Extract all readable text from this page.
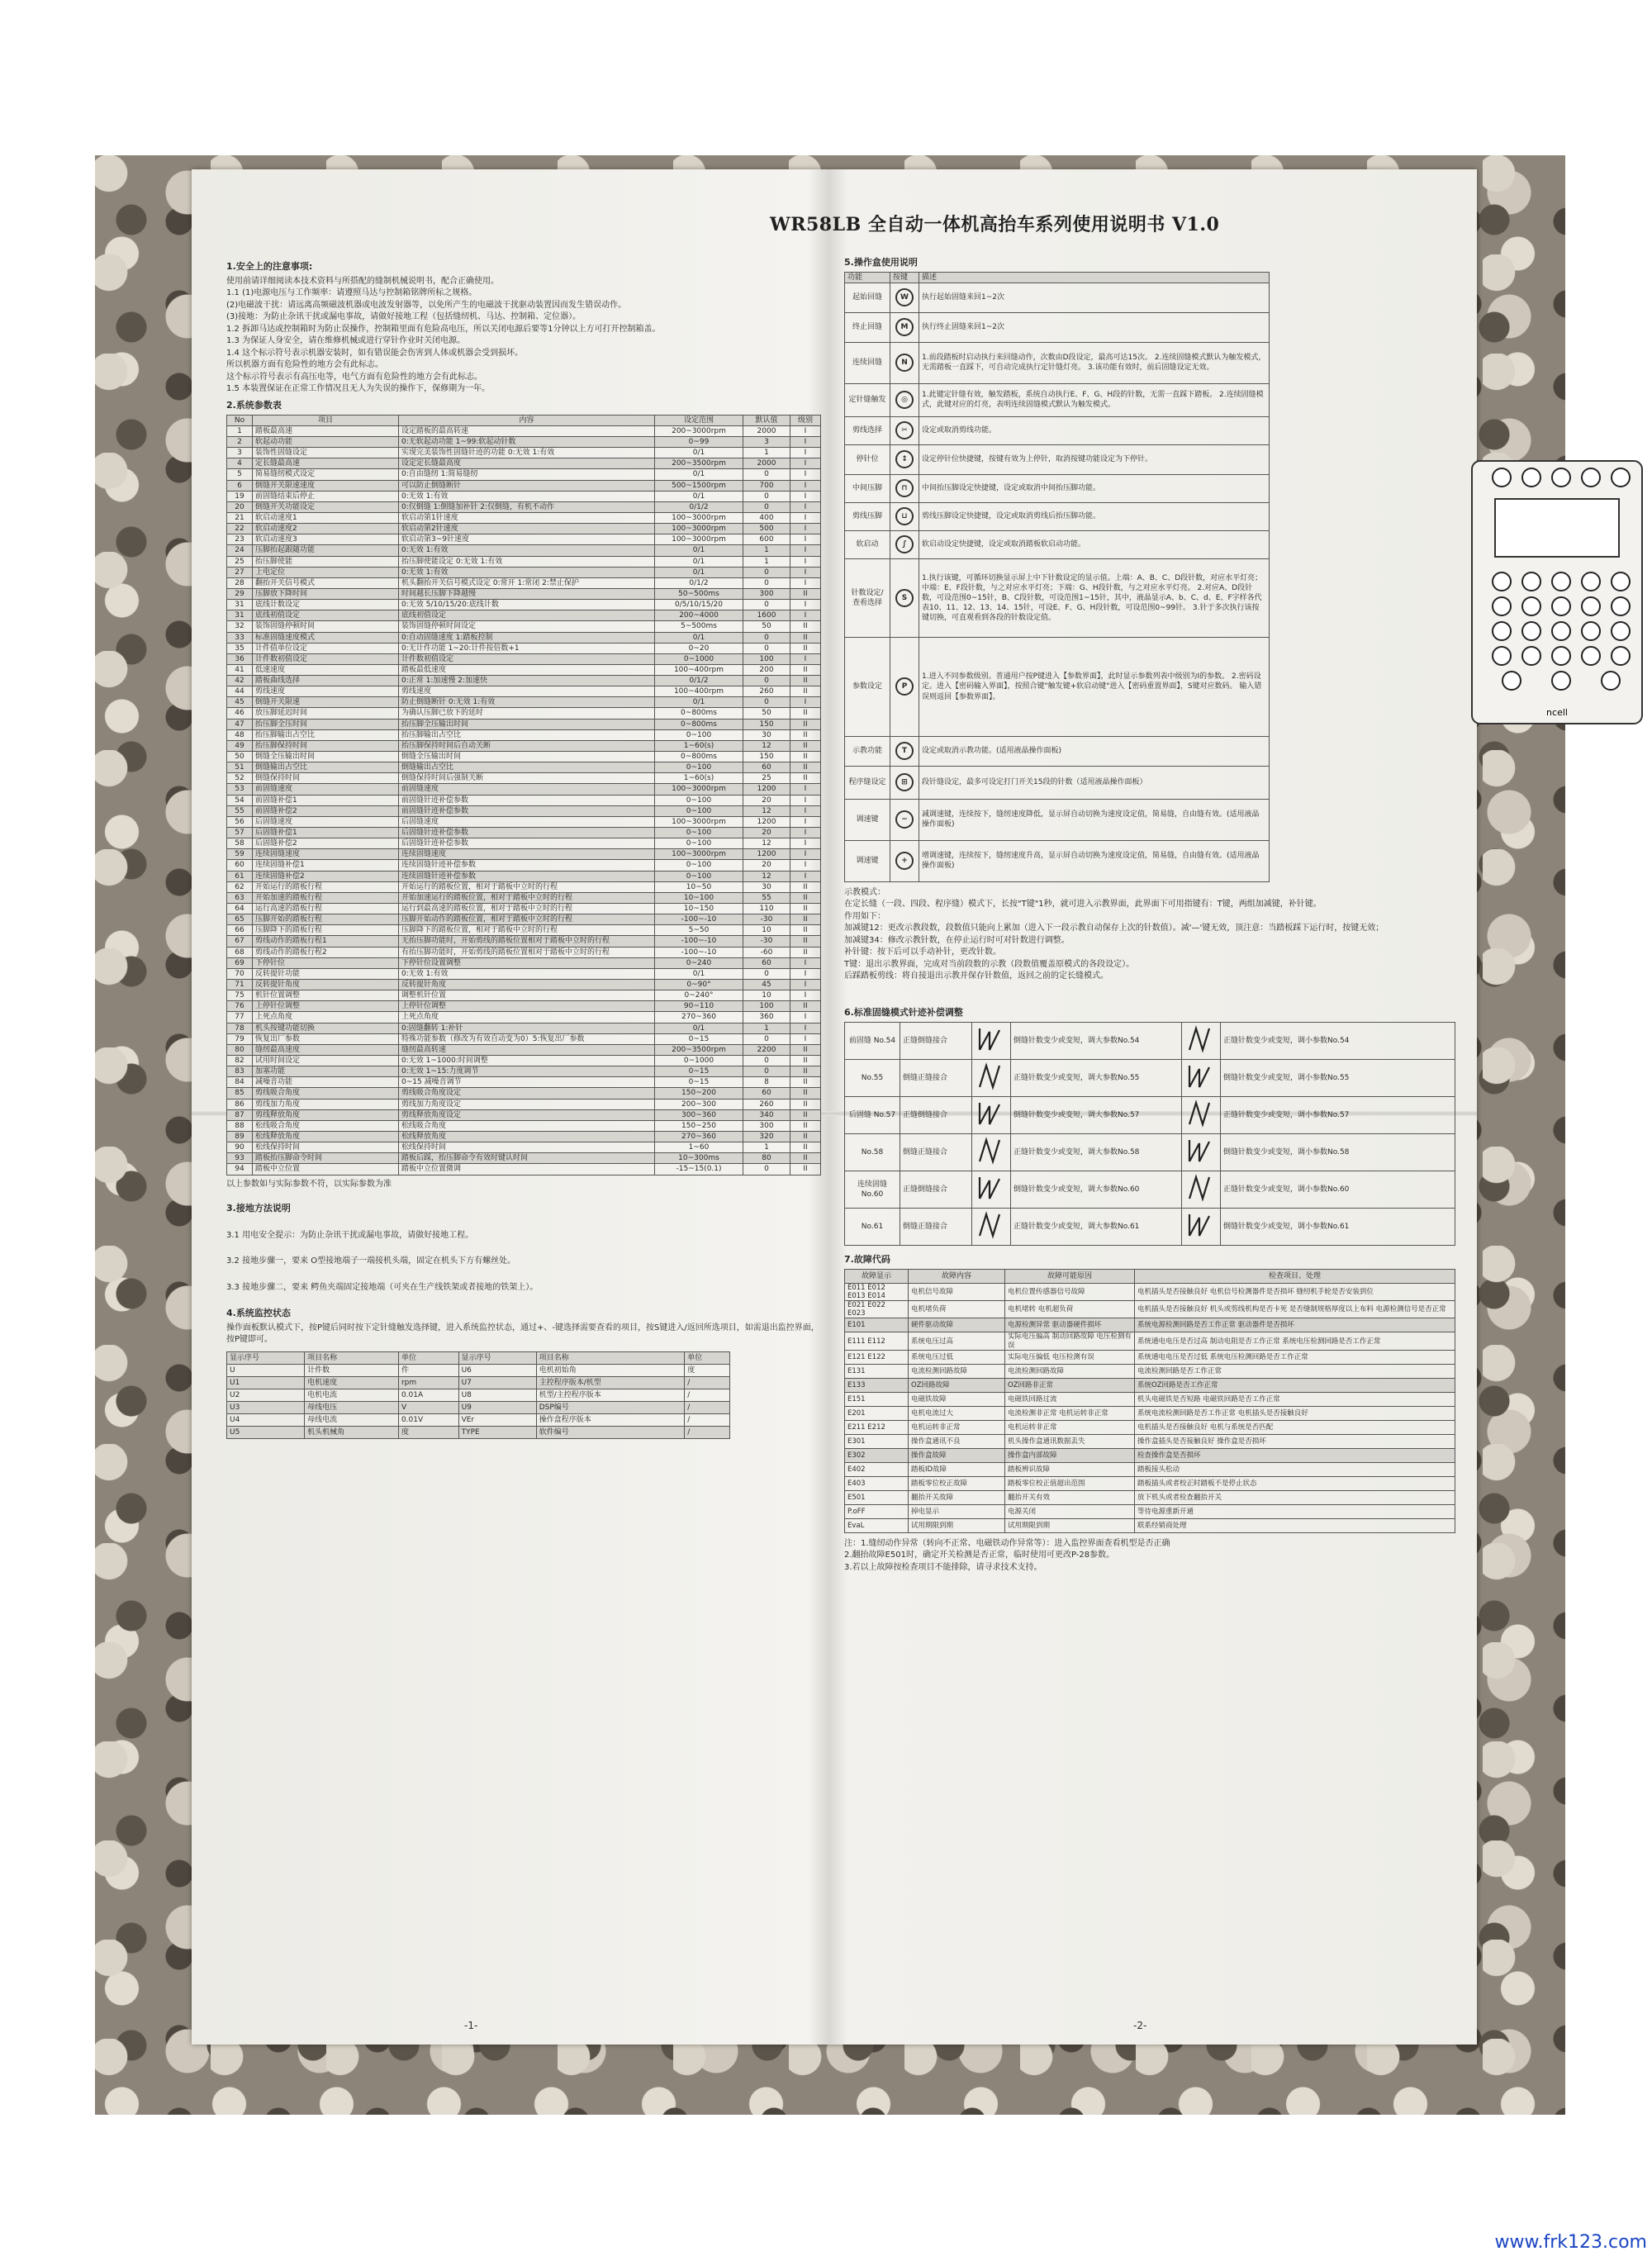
WR58LB 全自动一体机高抬车系列使用说明书 V1.0
1.安全上的注意事项:

使用前请详细阅读本技术资料与所搭配的缝制机械说明书，配合正确使用。

1.1 (1)电源电压与工作频率：请遵照马达与控制箱铭牌所标之规格。

(2)电磁波干扰：请远离高频磁波机器或电波发射器等，以免所产生的电磁波干扰驱动装置因而发生错误动作。

(3)接地：为防止杂讯干扰或漏电事故，请做好接地工程（包括缝纫机、马达、控制箱、定位器）。

1.2 拆卸马达或控制箱时为防止误操作，控制箱里面有危险高电压，所以关闭电源后要等1分钟以上方可打开控制箱盖。

1.3 为保证人身安全，请在维修机械或进行穿针作业时关闭电源。

1.4 这个标示符号表示机器安装时，如有错误能会伤害到人体或机器会受到损坏。

所以机器方面有危险性的地方会有此标志。

这个标示符号表示有高压电等，电气方面有危险性的地方会有此标志。

1.5 本装置保证在正常工作情况且无人为失误的操作下，保修期为一年。

2.系统参数表
No	项目	内容	设定范围	默认值	级别
1	踏板最高速	设定踏板的最高转速	200~3000rpm	2000	I
2	软起动功能	0:无软起动功能 1~99:软起动针数	0~99	3	I
3	装饰性固缝设定	实现完美装饰性固缝针迹的功能 0:无效 1:有效	0/1	1	I
4	定长缝最高速	设定定长缝最高度	200~3500rpm	2000	I
5	简易缝纫模式设定	0:自由缝纫 1:简易缝纫	0/1	0	I
6	倒缝开关限速速度	可以防止倒缝断针	500~1500rpm	700	I
19	前固缝结束后停止	0:无效 1:有效	0/1	0	I
20	倒缝开关功能设定	0:仅倒缝 1:倒缝加补针 2:仅倒缝，有机不动作	0/1/2	0	I
21	软启动速度1	软启动第1针速度	100~3000rpm	400	I
22	软启动速度2	软启动第2针速度	100~3000rpm	500	I
23	软启动速度3	软启动第3~9针速度	100~3000rpm	600	I
24	压脚抬起跟随功能	0:无效 1:有效	0/1	1	I
25	抬压脚使能	抬压脚使能设定 0:无效 1:有效	0/1	1	I
27	上电定位	0:无效 1:有效	0/1	0	I
28	翻抬开关信号模式	机头翻抬开关信号模式设定 0:常开 1:常闭 2:禁止保护	0/1/2	0	I
29	压脚放下降时间	时间越长压脚下降越慢	50~500ms	300	II
31	底线计数设定	0:无效 5/10/15/20:底线计数	0/5/10/15/20	0	I
31	底线初值设定	底线初值设定	200~4000	1600	I
32	装饰固缝停顿时间	装饰固缝停顿时间设定	5~500ms	50	II
33	标准固缝速度模式	0:自动固缝速度 1:踏板控制	0/1	0	II
35	计件值单位设定	0:无计件功能 1~20:计件按倍数+1	0~20	0	II
36	计件数初值设定	计件数初值设定	0~1000	100	I
41	低速速度	踏板最低速度	100~400rpm	200	II
42	踏板曲线选择	0:正常 1:加速慢 2:加速快	0/1/2	0	II
44	剪线速度	剪线速度	100~400rpm	260	II
45	倒缝开关限速	防止倒缝断针 0:无效 1:有效	0/1	0	I
46	放压脚延迟时间	为确认压脚已放下的延时	0~800ms	50	II
47	抬压脚全压时间	抬压脚全压输出时间	0~800ms	150	II
48	抬压脚输出占空比	抬压脚输出占空比	0~100	30	II
49	抬压脚保持时间	抬压脚保持时间后自动关断	1~60(s)	12	II
50	倒缝全压输出时间	倒缝全压输出时间	0~800ms	150	II
51	倒缝输出占空比	倒缝输出占空比	0~100	60	II
52	倒缝保持时间	倒缝保持时间后强制关断	1~60(s)	25	II
53	前固缝速度	前固缝速度	100~3000rpm	1200	I
54	前固缝补偿1	前固缝针迹补偿参数	0~100	20	I
55	前固缝补偿2	前固缝针迹补偿参数	0~100	12	I
56	后固缝速度	后固缝速度	100~3000rpm	1200	I
57	后固缝补偿1	后固缝针迹补偿参数	0~100	20	I
58	后固缝补偿2	后固缝针迹补偿参数	0~100	12	I
59	连续固缝速度	连续固缝速度	100~3000rpm	1200	I
60	连续固缝补偿1	连续固缝针迹补偿参数	0~100	20	I
61	连续固缝补偿2	连续固缝针迹补偿参数	0~100	12	I
62	开始运行的踏板行程	开始运行的踏板位置，相对于踏板中立时的行程	10~50	30	II
63	开始加速的踏板行程	开始加速运行的踏板位置，相对于踏板中立时的行程	10~100	55	II
64	运行高速的踏板行程	运行到最高速的踏板位置，相对于踏板中立时的行程	10~150	110	II
65	压脚开始的踏板行程	压脚开始动作的踏板位置，相对于踏板中立时的行程	-100~-10	-30	II
66	压脚降下的踏板行程	压脚降下的踏板位置，相对于踏板中立时的行程	5~50	10	II
67	剪线动作的踏板行程1	无抬压脚功能时，开始剪线的踏板位置相对于踏板中立时的行程	-100~-10	-30	II
68	剪线动作的踏板行程2	有抬压脚功能时，开始剪线的踏板位置相对于踏板中立时的行程	-100~-10	-60	II
69	下停针位	下停针位设置调整	0~240	60	I
70	反转提针功能	0:无效 1:有效	0/1	0	I
71	反转提针角度	反转提针角度	0~90°	45	I
75	机针位置调整	调整机针位置	0~240°	10	I
76	上停针位调整	上停针位调整	90~110	100	II
77	上死点角度	上死点角度	270~360	360	I
78	机头按键功能切换	0:固缝翻转 1:补针	0/1	1	I
79	恢复出厂参数	特殊功能参数（修改为有效自动变为0）5:恢复出厂参数	0~15	0	I
80	缝纫最高速度	缝纫最高转速	200~3500rpm	2200	II
82	试用时间设定	0:无效 1~1000:时间调整	0~1000	0	II
83	加塞功能	0:无效 1~15:力度调节	0~15	0	II
84	减噪音功能	0~15 减噪音调节	0~15	8	II
85	剪线吸合角度	剪线吸合角度设定	150~200	60	II
86	剪线加力角度	剪线加力角度设定	200~300	260	II
87	剪线释放角度	剪线释放角度设定	300~360	340	II
88	松线吸合角度	松线吸合角度	150~250	300	II
89	松线释放角度	松线释放角度	270~360	320	II
90	松线保持时间	松线保持时间	1~60	1	II
93	踏板抬压脚命令时间	踏板后踩，抬压脚命令有效时键认时间	10~300ms	80	II
94	踏板中立位置	踏板中立位置微调	-15~15(0.1)	0	II

以上参数如与实际参数不符，以实际参数为准

3.接地方法说明

3.1 用电安全提示：为防止杂讯干扰或漏电事故，请做好接地工程。

3.2 接地步骤一，要来 O型接地端子一端接机头端，固定在机头下方有螺丝处。

3.3 接地步骤二，要来 鳄鱼夹端固定接地端（可夹在生产线铁架或者接地的铁架上）。

4.系统监控状态

操作面板默认模式下，按P键后同时按下定针缝触发选择键，进入系统监控状态，通过+、-键选择需要查看的项目，按S键进入/返回所选项目，如需退出监控界面，按P键即可。

显示序号	项目名称	单位	显示序号	项目名称	单位
U	计件数	件	U6	电机初始角	度
U1	电机速度	rpm	U7	主控程序版本/机型	/
U2	电机电流	0.01A	U8	机型/主控程序版本	/
U3	母线电压	V	U9	DSP编号	/
U4	母线电流	0.01V	VEr	操作盒程序版本	/
U5	机头机械角	度	TYPE	软件编号	/
5.操作盒使用说明
功能	按键	描述
起始回缝	W	执行起始固缝来回1~2次
终止回缝	M	执行终止固缝来回1~2次
连续回缝	N	1.前段踏板时启动执行来回缝动作，次数由D段设定，最高可达15次。 2.连续固缝模式默认为触发模式，无需踏板一直踩下，可自动完成执行定针缝灯亮。 3.该功能有效时，前后固缝设定无效。
定针缝触发	◎	1.此键定针缝有效，触发踏板，系统自动执行E、F、G、H段的针数，无需一直踩下踏板。 2.连续固缝模式，此键对应的灯亮，表明连续固缝模式默认为触发模式。
剪线选择	✂	设定或取消剪线功能。
停针位	↕	设定停针位快捷键，按键有效为上停针，取消按键功能设定为下停针。
中间压脚	⊓	中间抬压脚设定快捷键，设定或取消中间抬压脚功能。
剪线压脚	⊔	剪线压脚设定快捷键，设定或取消剪线后抬压脚功能。
软启动	∫	软启动设定快捷键，设定或取消踏板软启动功能。
针数设定/查看选择	S	1.执行该键，可循环切换显示屏上中下针数设定的显示值。上端：A、B、C、D段针数，对应水平灯亮；中端：E、F段针数，与之对应水平灯亮；下端：G、H段针数，与之对应水平灯亮。 2.对应A、D段针数，可设范围0~15针，B、C段针数，可设范围1~15针，其中，液晶显示A、b、C、d、E、F字样各代表10、11、12、13、14、15针，可设E、F、G、H段针数，可设范围0~99针。 3.针于多次执行该按键切换，可直观看到各段的针数设定值。
参数设定	P	1.进入不同参数级别。普通用户按P键进入【参数界面】，此时显示参数列表中级别为I的参数。 2.密码设定。进入【密码输入界面】，按照合键"触发键+软启动键"进入【密码重置界面】，S键对应数码。 输入错误则返回【参数界面】。
示教功能	T	设定或取消示教功能。(适用液晶操作面板)
程序缝设定	⊞	段针缝设定，最多可设定打门开关15段的针数（适用液晶操作面板）
调速键	−	减调速键，连续按下，缝纫速度降低，显示屏自动切换为速度设定值，简易缝，自由缝有效。(适用液晶操作面板)
调速键	+	增调速键，连续按下，缝纫速度升高，显示屏自动切换为速度设定值，简易缝，自由缝有效。(适用液晶操作面板)

示教模式：

在定长缝（一段、四段、程序缝）模式下，长按"T键"1秒，就可进入示教界面，此界面下可用指键有：T键，两组加减键，补针键。

作用如下：

加减键12：更改示教段数，段数值只能向上累加（进入下一段示教自动保存上次的针数值）。减'—'键无效，顶注意：当踏板踩下运行时，按键无效；

加减键34：修改示教针数，在停止运行时可对针数进行调整。

补针键：按下后可以手动补针，更改针数。

T键：退出示教界面，完成对当前段数的示教（段数值覆盖原模式的各段设定）。

后踩踏板剪线：将自接退出示教并保存针数值，返回之前的定长缝模式。

6.标准固缝模式针迹补偿调整
前固缝 No.54	正缝倒缝接合		倒缝针数变少或变短，调大参数No.54		正缝针数变少或变短，调小参数No.54
No.55	倒缝正缝接合		正缝针数变少或变短，调大参数No.55		倒缝针数变少或变短，调小参数No.55
后固缝 No.57	正缝倒缝接合		倒缝针数变少或变短，调大参数No.57		正缝针数变少或变短，调小参数No.57
No.58	倒缝正缝接合		正缝针数变少或变短，调大参数No.58		倒缝针数变少或变短，调小参数No.58
连续固缝 No.60	正缝倒缝接合		倒缝针数变少或变短，调大参数No.60		正缝针数变少或变短，调小参数No.60
No.61	倒缝正缝接合		正缝针数变少或变短，调大参数No.61		倒缝针数变少或变短，调小参数No.61
7.故障代码
故障显示	故障内容	故障可能原因	检查项目、处理
E011 E012 E013 E014	电机信号故障	电机位置传感器信号故障	电机插头是否接触良好 电机信号检测器件是否损坏 缝纫机手轮是否安装到位
E021 E022 E023	电机堵负荷	电机堵转 电机超负荷	电机插头是否接触良好 机头或剪线机构是否卡死 是否缝制规格厚度以上布料 电源检测信号是否正常
E101	硬件驱动故障	电源检测异常 驱动器硬件损坏	系统电源检测回路是否工作正常 驱动器件是否损坏
E111 E112	系统电压过高	实际电压偏高 制动回路故障 电压检测有误	系统通电电压是否过高 制动电阻是否工作正常 系统电压检测回路是否工作正常
E121 E122	系统电压过低	实际电压偏低 电压检测有误	系统通电电压是否过低 系统电压检测回路是否工作正常
E131	电流检测回路故障	电流检测回路故障	电流检测回路是否工作正常
E133	OZ回路故障	OZ回路非正常	系统OZ回路是否工作正常
E151	电磁铁故障	电磁铁回路过流	机头电磁铁是否短路 电磁铁回路是否工作正常
E201	电机电流过大	电流检测非正常 电机运转非正常	系统电流检测回路是否工作正常 电机插头是否接触良好
E211 E212	电机运转非正常	电机运转非正常	电机插头是否接触良好 电机与系统是否匹配
E301	操作盒通讯不良	机头操作盒通讯数据丢失	操作盒插头是否接触良好 操作盒是否损坏
E302	操作盒故障	操作盒内部故障	检查操作盒是否损坏
E402	踏板ID故障	踏板辨识故障	踏板接头松动
E403	踏板零位校正故障	踏板零位校正值超出范围	踏板插头或者校正时踏板不是停止状态
E501	翻抬开关故障	翻抬开关有效	放下机头或者检查翻抬开关
P.oFF	掉电显示	电源关闭	等待电源重新开通
EvaL	试用期限到期	试用期限到期	联系经销商处理

注：1.缝纫动作异常（转向不正常、电磁铁动作异常等）：进入监控界面查看机型是否正确

2.翻抬故障E501时，确定开关检测是否正常，临时使用可更改P-28参数。

3.若以上故障按检查项目不能排除，请寻求技术支持。

ncell
-1-	-2-
www.frk123.com
